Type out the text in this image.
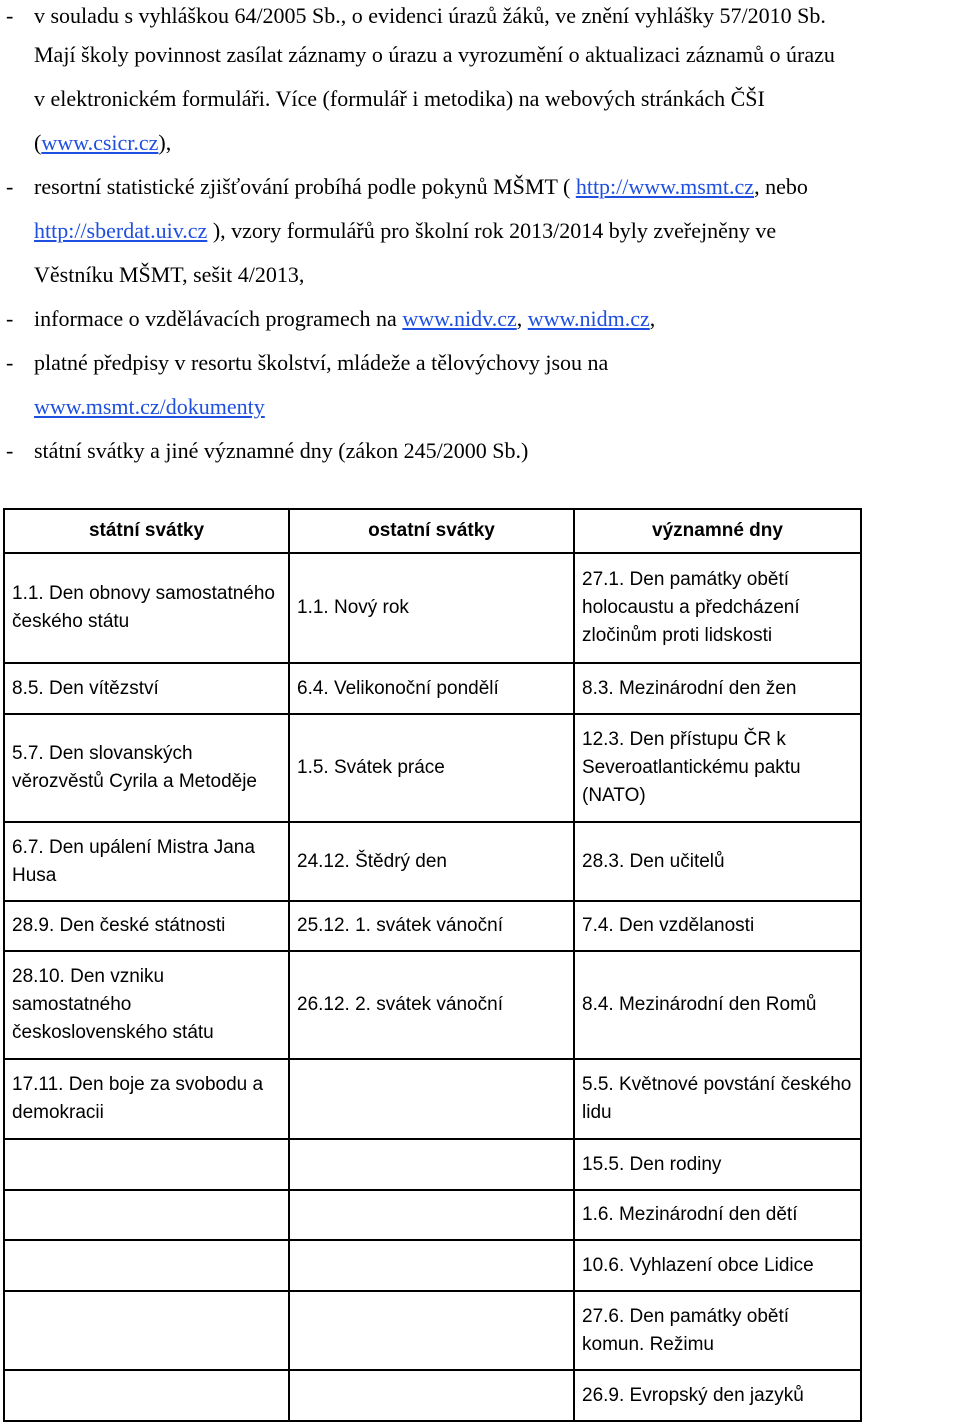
- v souladu s vyhláškou 64/2005 Sb., o evidenci úrazů žáků, ve znění vyhlášky 57/2010 Sb.
Mají školy povinnost zasílat záznamy o úrazu a vyrozumění o aktualizaci záznamů o úrazu
v elektronickém formuláři. Více (formulář i metodika) na webových stránkách ČŠI
(www.csicr.cz),
- resortní statistické zjišťování probíhá podle pokynů MŠMT ( http://www.msmt.cz, nebo
http://sberdat.uiv.cz ), vzory formulářů pro školní rok 2013/2014 byly zveřejněny ve
Věstníku MŠMT, sešit 4/2013,
- informace o vzdělávacích programech na www.nidv.cz, www.nidm.cz,
- platné předpisy v resortu školství, mládeže a tělovýchovy jsou na
www.msmt.cz/dokumenty
- státní svátky a jiné významné dny (zákon 245/2000 Sb.)
státní svátky	ostatní svátky	významné dny
1.1. Den obnovy samostatného českého státu	1.1. Nový rok	27.1. Den památky obětí holocaustu a předcházení zločinům proti lidskosti
8.5. Den vítězství	6.4. Velikonoční pondělí	8.3. Mezinárodní den žen
5.7. Den slovanských věrozvěstů Cyrila a Metoděje	1.5. Svátek práce	12.3. Den přístupu ČR k Severoatlantickému paktu (NATO)
6.7. Den upálení Mistra Jana Husa	24.12. Štědrý den	28.3. Den učitelů
28.9. Den české státnosti	25.12. 1. svátek vánoční	7.4. Den vzdělanosti
28.10. Den vzniku samostatného československého státu	26.12. 2. svátek vánoční	8.4. Mezinárodní den Romů
17.11. Den boje za svobodu a demokracii		5.5. Květnové povstání českého lidu
		15.5. Den rodiny
		1.6. Mezinárodní den dětí
		10.6. Vyhlazení obce Lidice
		27.6. Den památky obětí komun. Režimu
		26.9. Evropský den jazyků
